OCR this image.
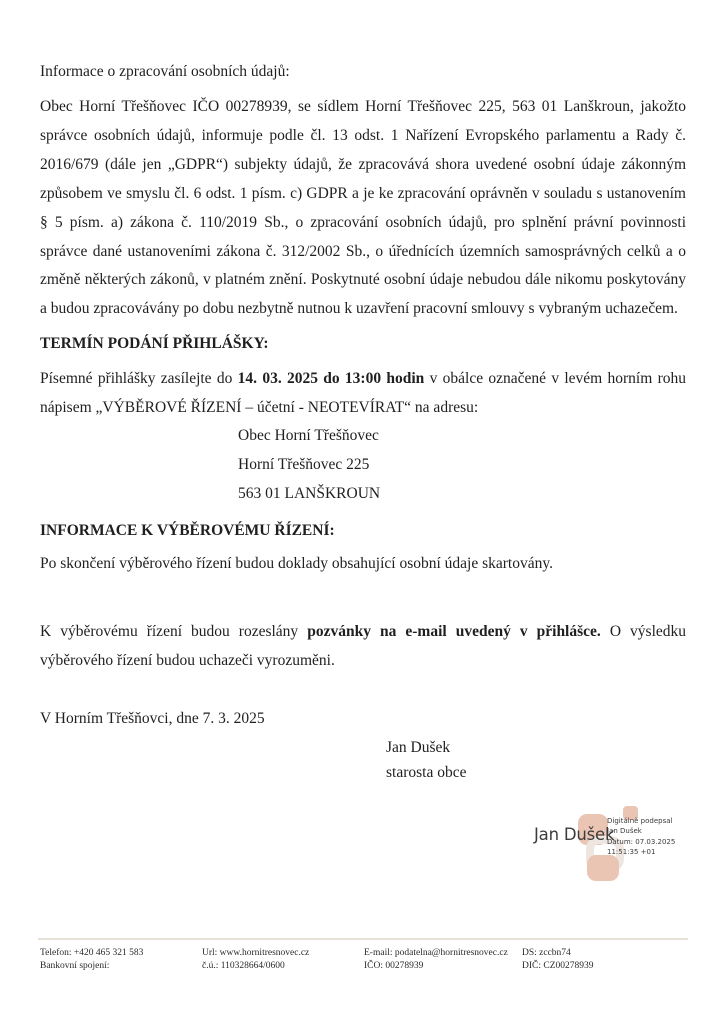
Informace o zpracování osobních údajů:

Obec Horní Třešňovec IČO 00278939, se sídlem Horní Třešňovec 225, 563 01 Lanškroun, jakožto správce osobních údajů, informuje podle čl. 13 odst. 1 Nařízení Evropského parlamentu a Rady č. 2016/679 (dále jen „GDPR“) subjekty údajů, že zpracovává shora uvedené osobní údaje zákonným způsobem ve smyslu čl. 6 odst. 1 písm. c) GDPR a je ke zpracování oprávněn v souladu s ustanovením § 5 písm. a) zákona č. 110/2019 Sb., o zpracování osobních údajů, pro splnění právní povinnosti správce dané ustanoveními zákona č. 312/2002 Sb., o úřednících územních samosprávných celků a o změně některých zákonů, v platném znění. Poskytnuté osobní údaje nebudou dále nikomu poskytovány a budou zpracovávány po dobu nezbytně nutnou k uzavření pracovní smlouvy s vybraným uchazečem.

TERMÍN PODÁNÍ PŘIHLÁŠKY:

Písemné přihlášky zasílejte do 14. 03. 2025 do 13:00 hodin v obálce označené v levém horním rohu nápisem „VÝBĚROVÉ ŘÍZENÍ – účetní - NEOTEVÍRAT“ na adresu:

Obec Horní Třešňovec

Horní Třešňovec 225

563 01 LANŠKROUN

INFORMACE K VÝBĚROVÉMU ŘÍZENÍ:

Po skončení výběrového řízení budou doklady obsahující osobní údaje skartovány.

K výběrovému řízení budou rozeslány pozvánky na e-mail uvedený v přihlášce. O výsledku výběrového řízení budou uchazeči vyrozuměni.

V Horním Třešňovci, dne 7. 3. 2025

Jan Dušek

starosta obce

Jan Dušek
Digitálně podepsal
Jan Dušek
Datum: 07.03.2025
11:51:35 +01
Telefon: +420 465 321 583
Bankovní spojení:
Url: www.hornitresnovec.cz
č.ú.: 110328664/0600
E-mail: podatelna@hornitresnovec.cz
IČO: 00278939
DS: zccbn74
DIČ: CZ00278939
